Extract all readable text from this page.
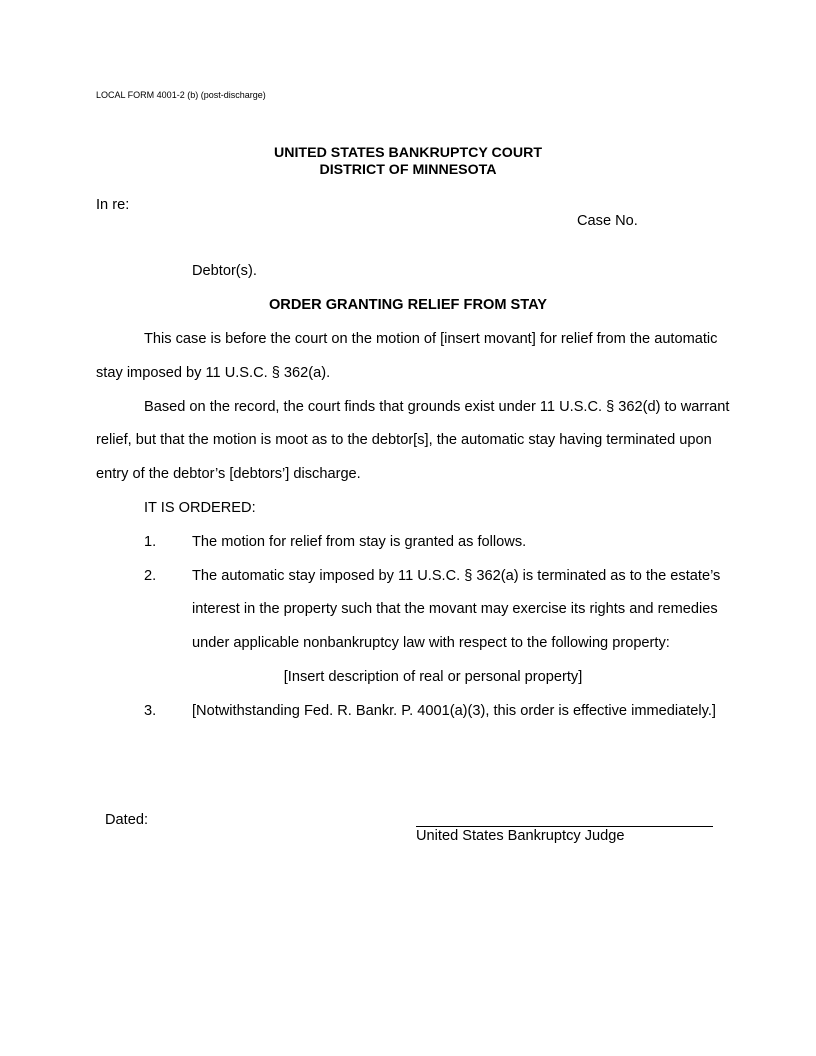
LOCAL FORM 4001-2 (b) (post-discharge)
UNITED STATES BANKRUPTCY COURT
DISTRICT OF MINNESOTA
In re:
Case No.
Debtor(s).
ORDER GRANTING RELIEF FROM STAY
This case is before the court on the motion of [insert movant] for relief from the automatic
stay imposed by 11 U.S.C. § 362(a).
Based on the record, the court finds that grounds exist under 11 U.S.C. § 362(d) to warrant
relief, but that the motion is moot as to the debtor[s], the automatic stay having terminated upon
entry of the debtor’s [debtors’] discharge.
IT IS ORDERED:
1. The motion for relief from stay is granted as follows.
2. The automatic stay imposed by 11 U.S.C. § 362(a) is terminated as to the estate’s
interest in the property such that the movant may exercise its rights and remedies
under applicable nonbankruptcy law with respect to the following property:
[Insert description of real or personal property]
3. [Notwithstanding Fed. R. Bankr. P. 4001(a)(3), this order is effective immediately.]
Dated:
United States Bankruptcy Judge
